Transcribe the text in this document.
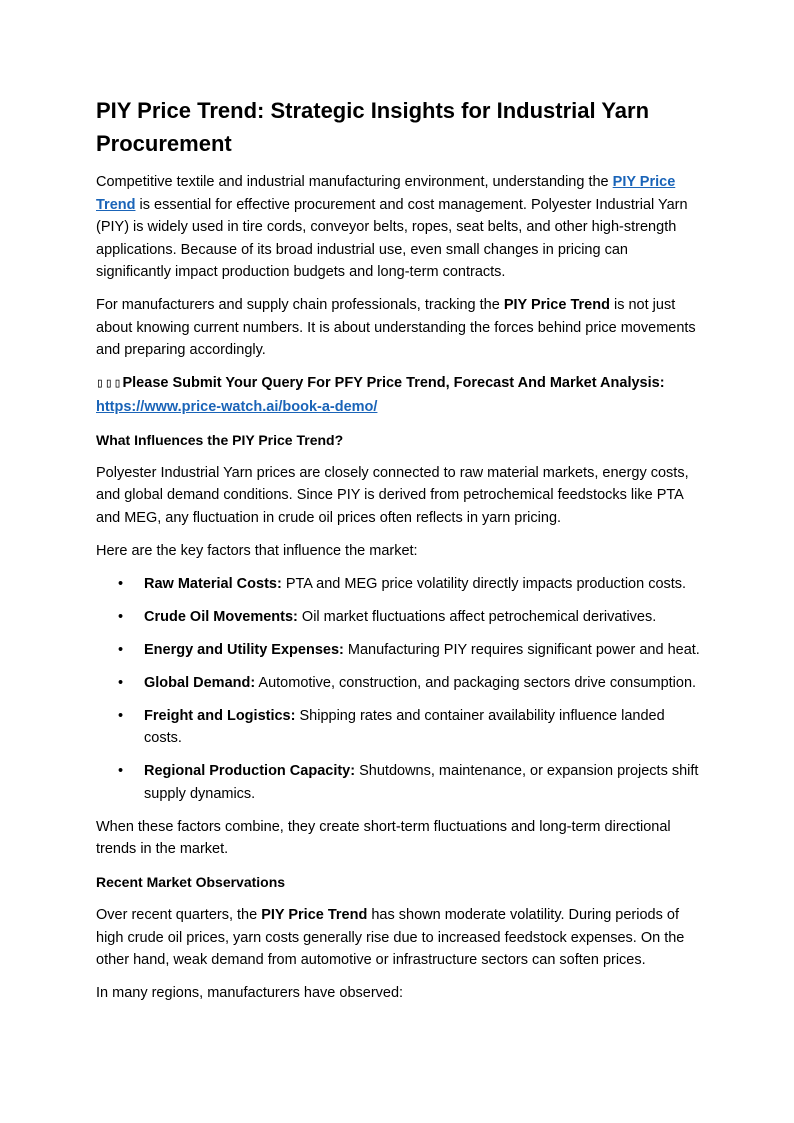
PIY Price Trend: Strategic Insights for Industrial Yarn Procurement

Competitive textile and industrial manufacturing environment, understanding the PIY Price Trend is essential for effective procurement and cost management. Polyester Industrial Yarn (PIY) is widely used in tire cords, conveyor belts, ropes, seat belts, and other high-strength applications. Because of its broad industrial use, even small changes in pricing can significantly impact production budgets and long-term contracts.

For manufacturers and supply chain professionals, tracking the PIY Price Trend is not just about knowing current numbers. It is about understanding the forces behind price movements and preparing accordingly.

▯▯▯Please Submit Your Query For PFY Price Trend, Forecast And Market Analysis: https://www.price-watch.ai/book-a-demo/

What Influences the PIY Price Trend?

Polyester Industrial Yarn prices are closely connected to raw material markets, energy costs, and global demand conditions. Since PIY is derived from petrochemical feedstocks like PTA and MEG, any fluctuation in crude oil prices often reflects in yarn pricing.

Here are the key factors that influence the market:

• Raw Material Costs: PTA and MEG price volatility directly impacts production costs.
• Crude Oil Movements: Oil market fluctuations affect petrochemical derivatives.
• Energy and Utility Expenses: Manufacturing PIY requires significant power and heat.
• Global Demand: Automotive, construction, and packaging sectors drive consumption.
• Freight and Logistics: Shipping rates and container availability influence landed costs.
• Regional Production Capacity: Shutdowns, maintenance, or expansion projects shift supply dynamics.

When these factors combine, they create short-term fluctuations and long-term directional trends in the market.

Recent Market Observations

Over recent quarters, the PIY Price Trend has shown moderate volatility. During periods of high crude oil prices, yarn costs generally rise due to increased feedstock expenses. On the other hand, weak demand from automotive or infrastructure sectors can soften prices.

In many regions, manufacturers have observed:
